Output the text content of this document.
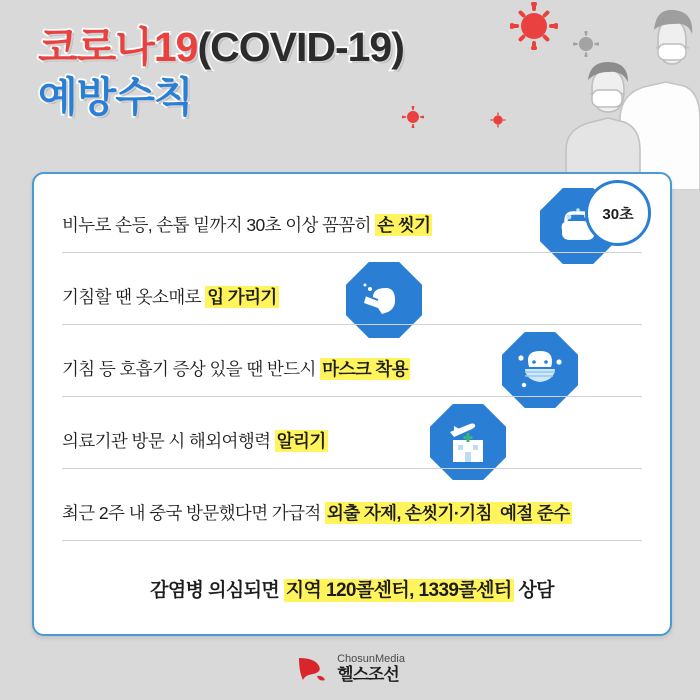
코로나19(COVID-19)
예방수칙
비누로 손등, 손톱 밑까지 30초 이상 꼼꼼히 손 씻기
30초
기침할 땐 옷소매로 입 가리기
기침 등 호흡기 증상 있을 땐 반드시 마스크 착용
의료기관 방문 시 해외여행력 알리기
최근 2주 내 중국 방문했다면 가급적 외출 자제, 손씻기·기침 예절 준수
감염병 의심되면 지역 120콜센터, 1339콜센터 상담
ChosunMedia
헬스조선
